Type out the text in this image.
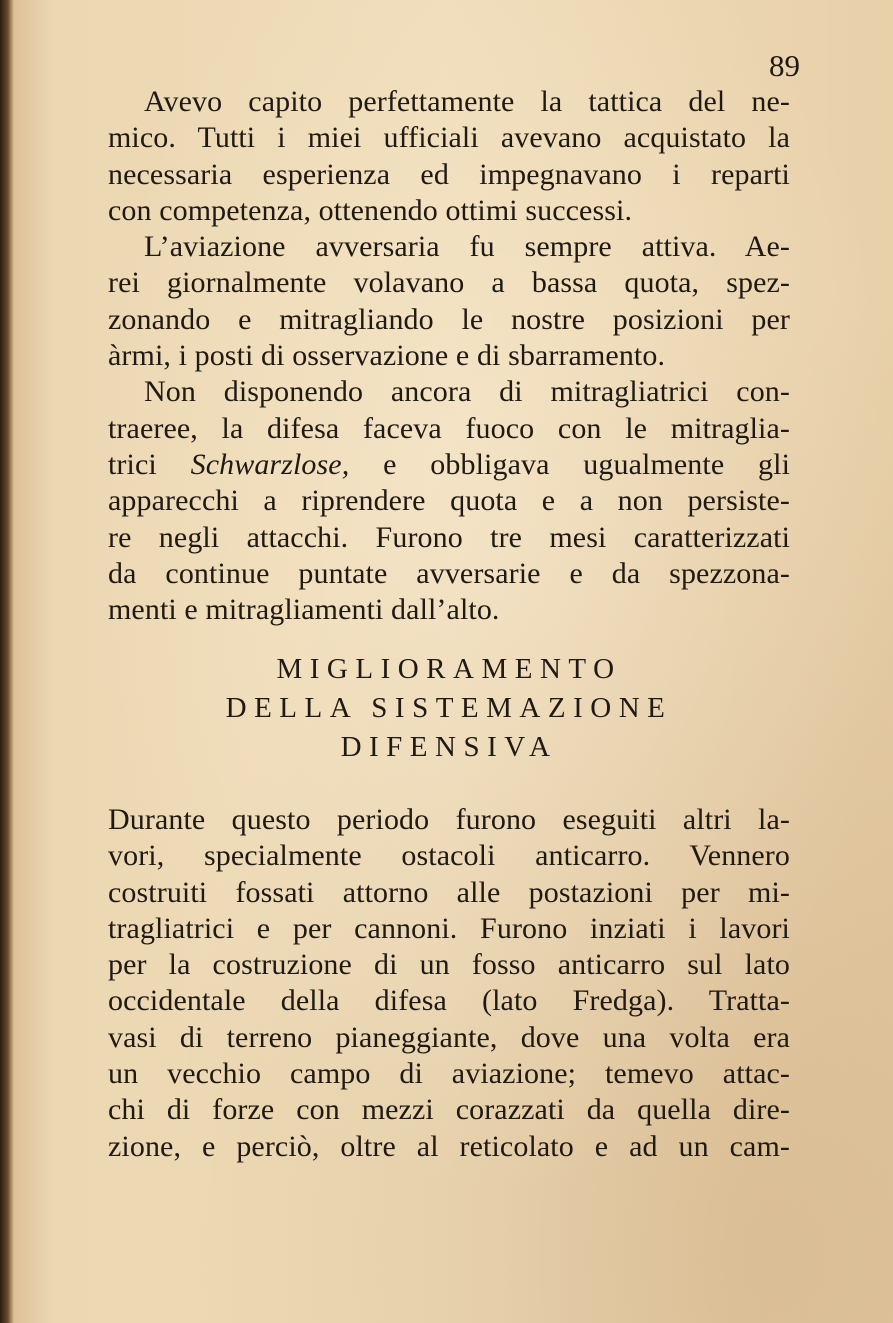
89
Avevo capito perfettamente la tattica del ne-
mico. Tutti i miei ufficiali avevano acquistato la
necessaria esperienza ed impegnavano i reparti
con competenza, ottenendo ottimi successi.
L’aviazione avversaria fu sempre attiva. Ae-
rei giornalmente volavano a bassa quota, spez-
zonando e mitragliando le nostre posizioni per
àrmi, i posti di osservazione e di sbarramento.
Non disponendo ancora di mitragliatrici con-
traeree, la difesa faceva fuoco con le mitraglia-
trici Schwarzlose, e obbligava ugualmente gli
apparecchi a riprendere quota e a non persiste-
re negli attacchi. Furono tre mesi caratterizzati
da continue puntate avversarie e da spezzona-
menti e mitragliamenti dall’alto.
MIGLIORAMENTO
DELLA SISTEMAZIONE
DIFENSIVA
Durante questo periodo furono eseguiti altri la-
vori, specialmente ostacoli anticarro. Vennero
costruiti fossati attorno alle postazioni per mi-
tragliatrici e per cannoni. Furono inziati i lavori
per la costruzione di un fosso anticarro sul lato
occidentale della difesa (lato Fredga). Tratta-
vasi di terreno pianeggiante, dove una volta era
un vecchio campo di aviazione; temevo attac-
chi di forze con mezzi corazzati da quella dire-
zione, e perciò, oltre al reticolato e ad un cam-
